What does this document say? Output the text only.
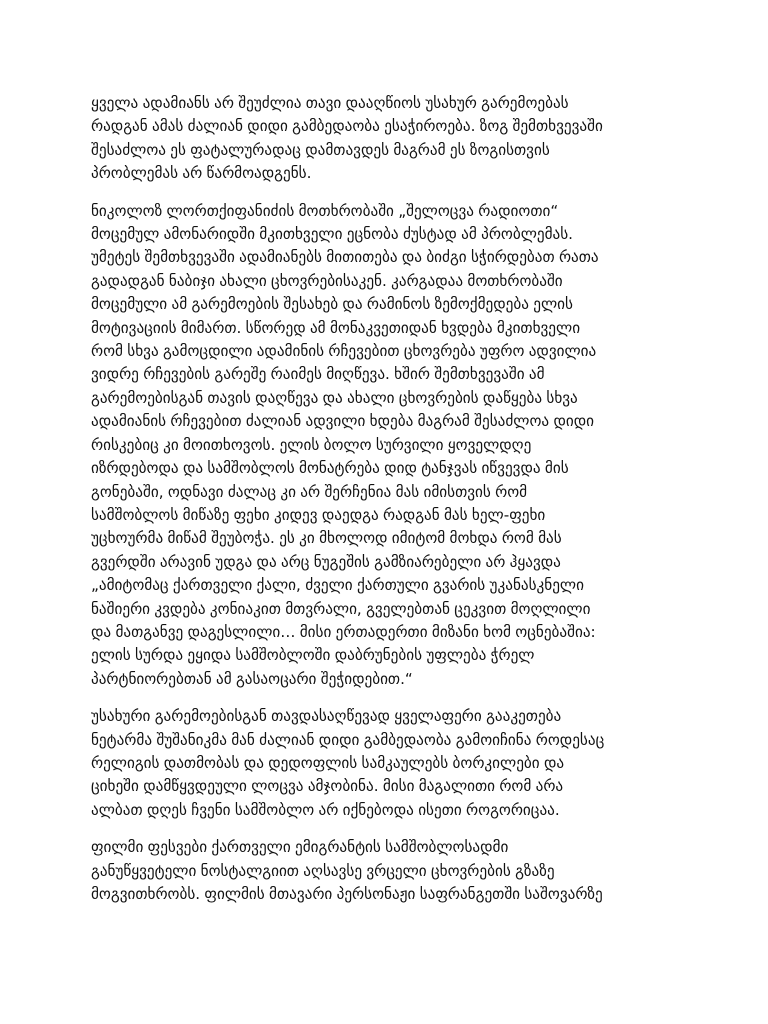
ყველა ადამიანს არ შეუძლია თავი დააღწიოს უსახურ გარემოებას
რადგან ამას ძალიან დიდი გამბედაობა ესაჭიროება. ზოგ შემთხვევაში
შესაძლოა ეს ფატალურადაც დამთავდეს მაგრამ ეს ზოგისთვის
პრობლემას არ წარმოადგენს.
ნიკოლოზ ლორთქიფანიძის მოთხრობაში „შელოცვა რადიოთი“
მოცემულ ამონარიდში მკითხველი ეცნობა ძუსტად ამ პრობლემას.
უმეტეს შემთხვევაში ადამიანებს მითითება და ბიძგი სჭირდებათ რათა
გადადგან ნაბიჯი ახალი ცხოვრებისაკენ. კარგადაა მოთხრობაში
მოცემული ამ გარემოების შესახებ და რამინოს ზემოქმედება ელის
მოტივაციის მიმართ. სწორედ ამ მონაკვეთიდან ხვდება მკითხველი
რომ სხვა გამოცდილი ადამინის რჩევებით ცხოვრება უფრო ადვილია
ვიდრე რჩევების გარეშე რაიმეს მიღწევა. ხშირ შემთხვევაში ამ
გარემოებისგან თავის დაღწევა და ახალი ცხოვრების დაწყება სხვა
ადამიანის რჩევებით ძალიან ადვილი ხდება მაგრამ შესაძლოა დიდი
რისკებიც კი მოითხოვოს. ელის ბოლო სურვილი ყოველდღე
იზრდებოდა და სამშობლოს მონატრება დიდ ტანჯვას იწვევდა მის
გონებაში, ოდნავი ძალაც კი არ შერჩენია მას იმისთვის რომ
სამშობლოს მიწაზე ფეხი კიდევ დაედგა რადგან მას ხელ-ფეხი
უცხოურმა მიწამ შეუბოჭა. ეს კი მხოლოდ იმიტომ მოხდა რომ მას
გვერდში არავინ უდგა და არც ნუგეშის გამზიარებელი არ ჰყავდა
„ამიტომაც ქართველი ქალი, ძველი ქართული გვარის უკანასკნელი
ნაშიერი კვდება კონიაკით მთვრალი, გველებთან ცეკვით მოღლილი
და მათგანვე დაგესლილი… მისი ერთადერთი მიზანი ხომ ოცნებაშია:
ელის სურდა ეყიდა სამშობლოში დაბრუნების უფლება ჭრელ
პარტნიორებთან ამ გასაოცარი შეჭიდებით.“
უსახური გარემოებისგან თავდასაღწევად ყველაფერი გააკეთება
ნეტარმა შუშანიკმა მან ძალიან დიდი გამბედაობა გამოიჩინა როდესაც
რელიგის დათმობას და დედოფლის სამკაულებს ბორკილები და
ციხეში დამწყვდეული ლოცვა ამჯობინა. მისი მაგალითი რომ არა
ალბათ დღეს ჩვენი სამშობლო არ იქნებოდა ისეთი როგორიცაა.
ფილმი ფესვები ქართველი ემიგრანტის სამშობლოსადმი
განუწყვეტელი ნოსტალგიით აღსავსე ვრცელი ცხოვრების გზაზე
მოგვითხრობს. ფილმის მთავარი პერსონაჟი საფრანგეთში საშოვარზე
